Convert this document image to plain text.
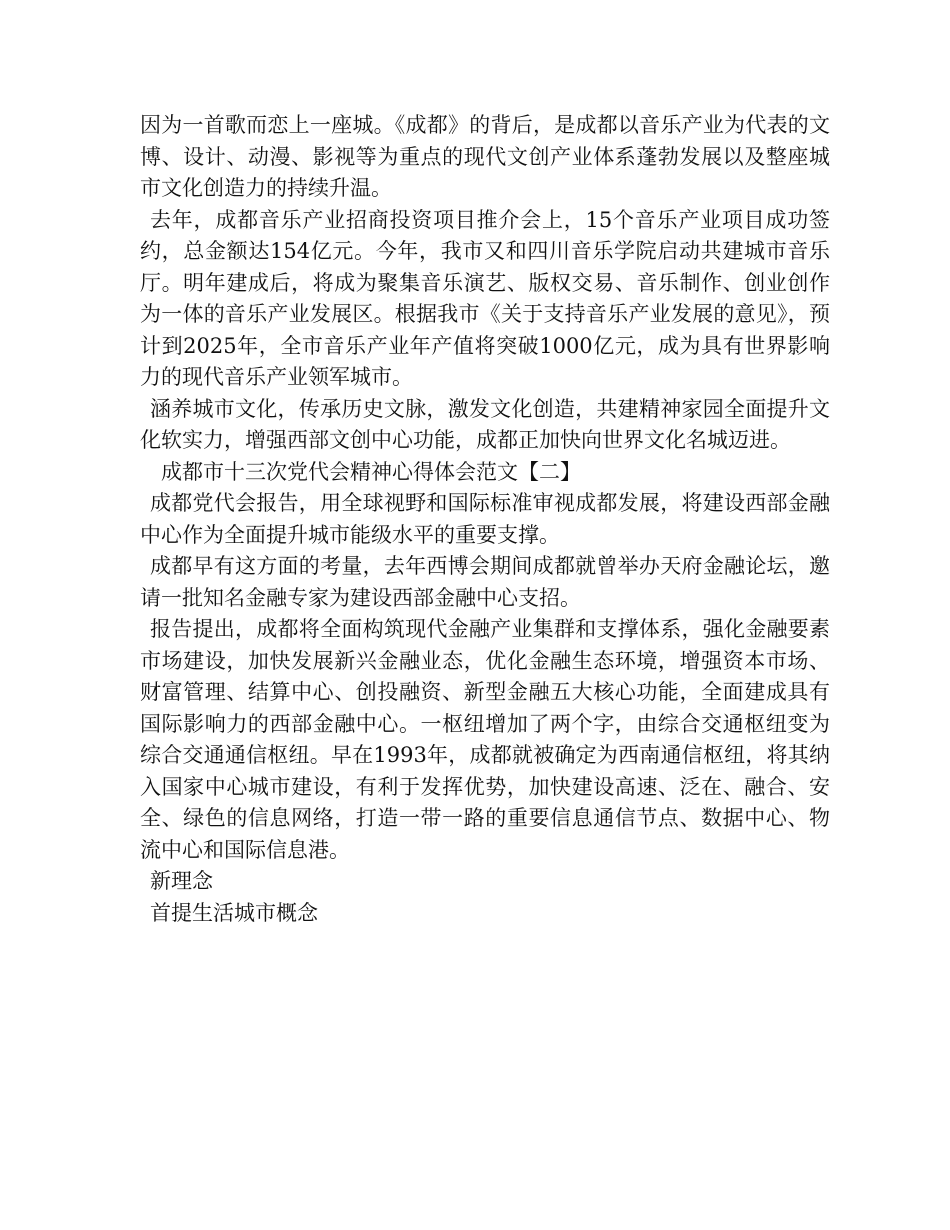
因为一首歌而恋上一座城。《成都》的背后，是成都以音乐产业为代表的文博、设计、动漫、影视等为重点的现代文创产业体系蓬勃发展以及整座城市文化创造力的持续升温。

去年，成都音乐产业招商投资项目推介会上，15个音乐产业项目成功签约，总金额达154亿元。今年，我市又和四川音乐学院启动共建城市音乐厅。明年建成后，将成为聚集音乐演艺、版权交易、音乐制作、创业创作为一体的音乐产业发展区。根据我市《关于支持音乐产业发展的意见》，预计到2025年，全市音乐产业年产值将突破1000亿元，成为具有世界影响力的现代音乐产业领军城市。

涵养城市文化，传承历史文脉，激发文化创造，共建精神家园全面提升文化软实力，增强西部文创中心功能，成都正加快向世界文化名城迈进。

成都市十三次党代会精神心得体会范文【二】

成都党代会报告，用全球视野和国际标准审视成都发展，将建设西部金融中心作为全面提升城市能级水平的重要支撑。

成都早有这方面的考量，去年西博会期间成都就曾举办天府金融论坛，邀请一批知名金融专家为建设西部金融中心支招。

报告提出，成都将全面构筑现代金融产业集群和支撑体系，强化金融要素市场建设，加快发展新兴金融业态，优化金融生态环境，增强资本市场、财富管理、结算中心、创投融资、新型金融五大核心功能，全面建成具有国际影响力的西部金融中心。一枢纽增加了两个字，由综合交通枢纽变为综合交通通信枢纽。早在1993年，成都就被确定为西南通信枢纽，将其纳入国家中心城市建设，有利于发挥优势，加快建设高速、泛在、融合、安全、绿色的信息网络，打造一带一路的重要信息通信节点、数据中心、物流中心和国际信息港。

新理念

首提生活城市概念
